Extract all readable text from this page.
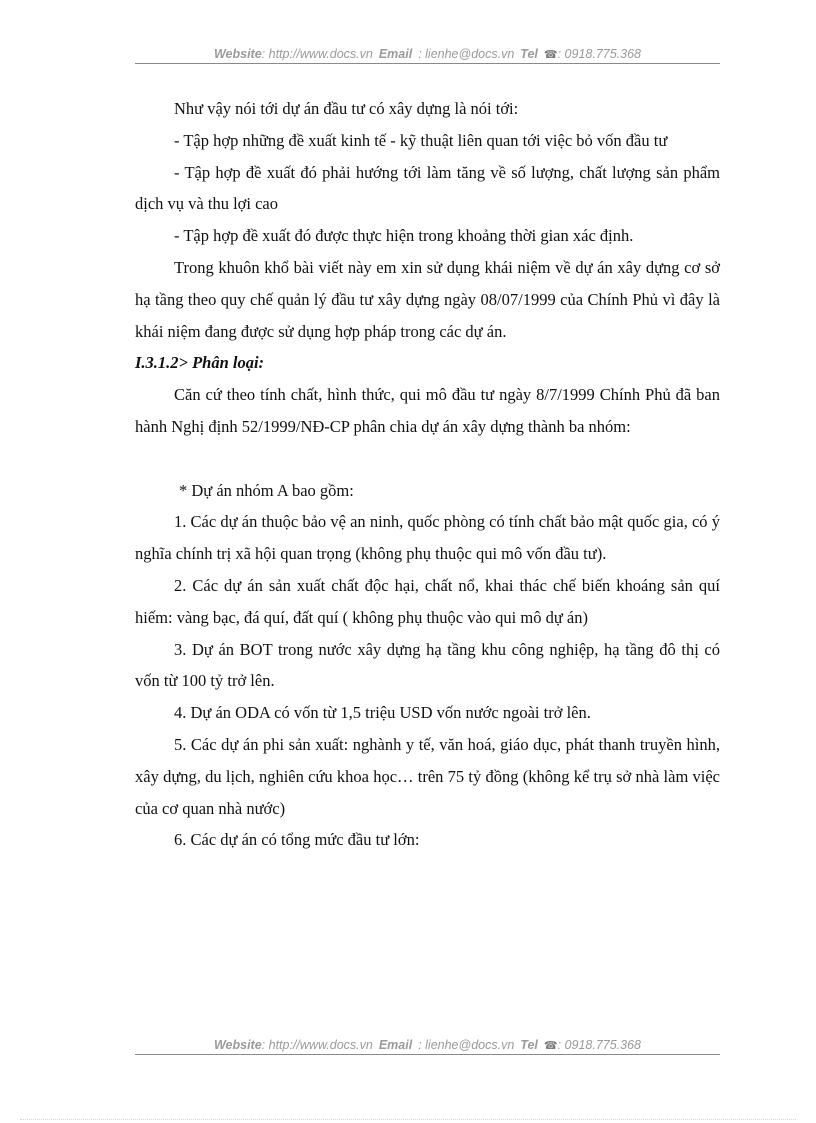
Website: http://www.docs.vn Email : lienhe@docs.vn Tel ☎: 0918.775.368

Như vậy nói tới dự án đầu tư có xây dựng là nói tới:

- Tập hợp những đề xuất kinh tế - kỹ thuật liên quan tới việc bỏ vốn đầu tư

- Tập hợp đề xuất đó phải hướng tới làm tăng về số lượng, chất lượng sản phẩm dịch vụ và thu lợi cao

- Tập hợp đề xuất đó được thực hiện trong khoảng thời gian xác định.

Trong khuôn khổ bài viết này em xin sử dụng khái niệm về dự án xây dựng cơ sở hạ tầng theo quy chế quản lý đầu tư xây dựng ngày 08/07/1999 của Chính Phủ vì đây là khái niệm đang được sử dụng hợp pháp trong các dự án.

I.3.1.2> Phân loại:

Căn cứ theo tính chất, hình thức, qui mô đầu tư ngày 8/7/1999 Chính Phủ đã ban hành Nghị định 52/1999/NĐ-CP phân chia dự án xây dựng thành ba nhóm:

* Dự án nhóm A bao gồm:

1. Các dự án thuộc bảo vệ an ninh, quốc phòng có tính chất bảo mật quốc gia, có ý nghĩa chính trị xã hội quan trọng (không phụ thuộc qui mô vốn đầu tư).

2. Các dự án sản xuất chất độc hại, chất nổ, khai thác chế biến khoáng sản quí hiếm: vàng bạc, đá quí, đất quí ( không phụ thuộc vào qui mô dự án)

3. Dự án BOT trong nước xây dựng hạ tầng khu công nghiệp, hạ tầng đô thị có vốn từ 100 tỷ trở lên.

4. Dự án ODA có vốn từ 1,5 triệu USD vốn nước ngoài trở lên.

5. Các dự án phi sản xuất: nghành y tế, văn hoá, giáo dục, phát thanh truyền hình, xây dựng, du lịch, nghiên cứu khoa học… trên 75 tỷ đồng (không kể trụ sở nhà làm việc của cơ quan nhà nước)

6. Các dự án có tổng mức đầu tư lớn:

Website: http://www.docs.vn Email : lienhe@docs.vn Tel ☎: 0918.775.368
